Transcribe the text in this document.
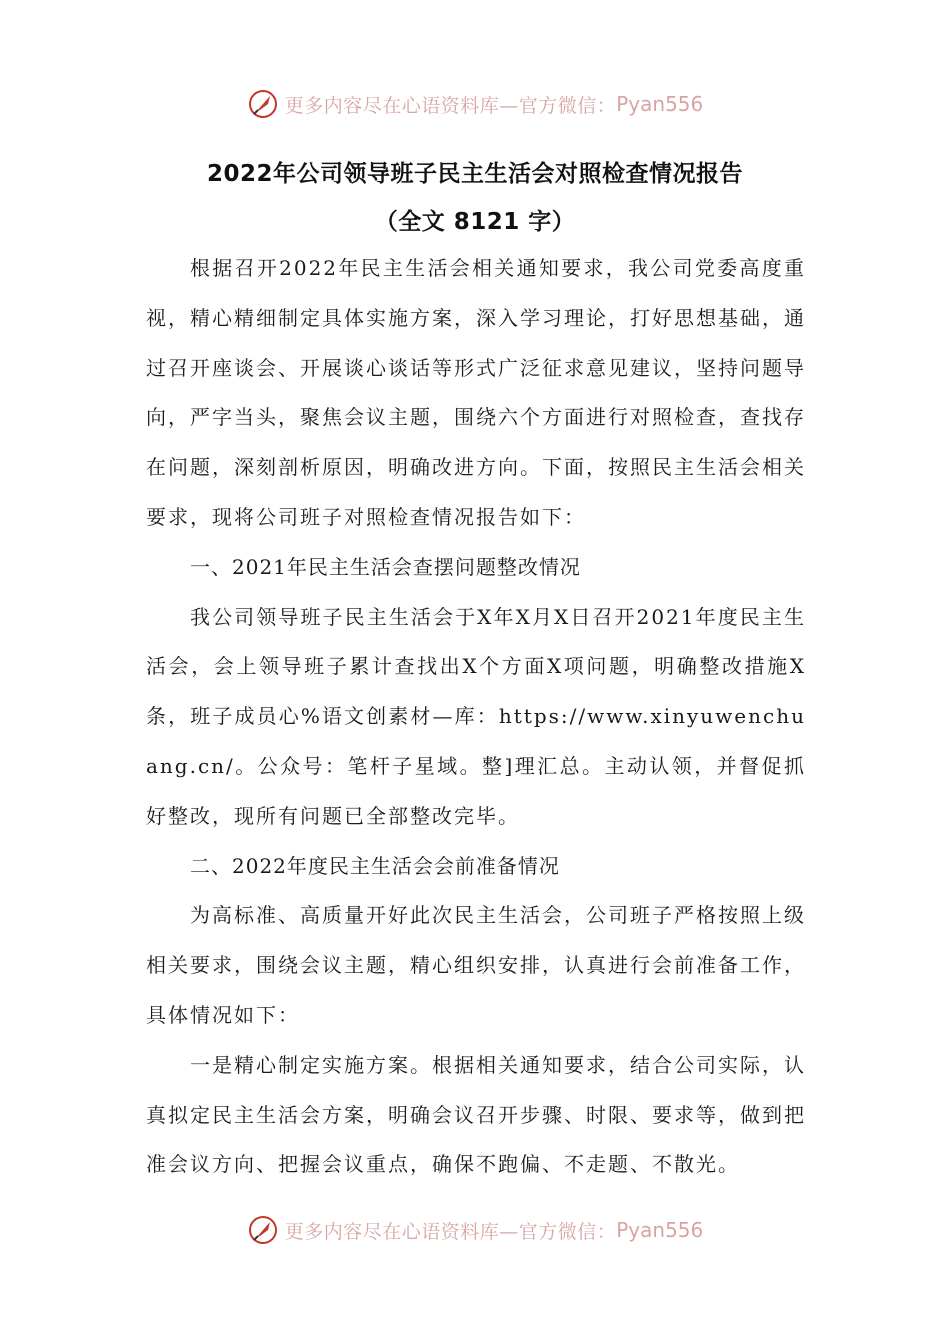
更多内容尽在心语资料库—官方微信： Pyan556
2022年公司领导班子民主生活会对照检查情况报告
（全文 8121 字）

根据召开2022年民主生活会相关通知要求，我公司党委高度重视，精心精细制定具体实施方案，深入学习理论，打好思想基础，通过召开座谈会、开展谈心谈话等形式广泛征求意见建议，坚持问题导向，严字当头，聚焦会议主题，围绕六个方面进行对照检查，查找存在问题，深刻剖析原因，明确改进方向。下面，按照民主生活会相关要求，现将公司班子对照检查情况报告如下：

一、2021年民主生活会查摆问题整改情况

我公司领导班子民主生活会于X年X月X日召开2021年度民主生活会，会上领导班子累计查找出X个方面X项问题，明确整改措施X条，班子成员心%语文创素材—库：https://www.xinyuwenchuang.cn/。公众号：笔杆子星域。整]理汇总。主动认领，并督促抓好整改，现所有问题已全部整改完毕。

二、2022年度民主生活会会前准备情况

为高标准、高质量开好此次民主生活会，公司班子严格按照上级相关要求，围绕会议主题，精心组织安排，认真进行会前准备工作，具体情况如下：

一是精心制定实施方案。根据相关通知要求，结合公司实际，认真拟定民主生活会方案，明确会议召开步骤、时限、要求等，做到把准会议方向、把握会议重点，确保不跑偏、不走题、不散光。

更多内容尽在心语资料库—官方微信： Pyan556
